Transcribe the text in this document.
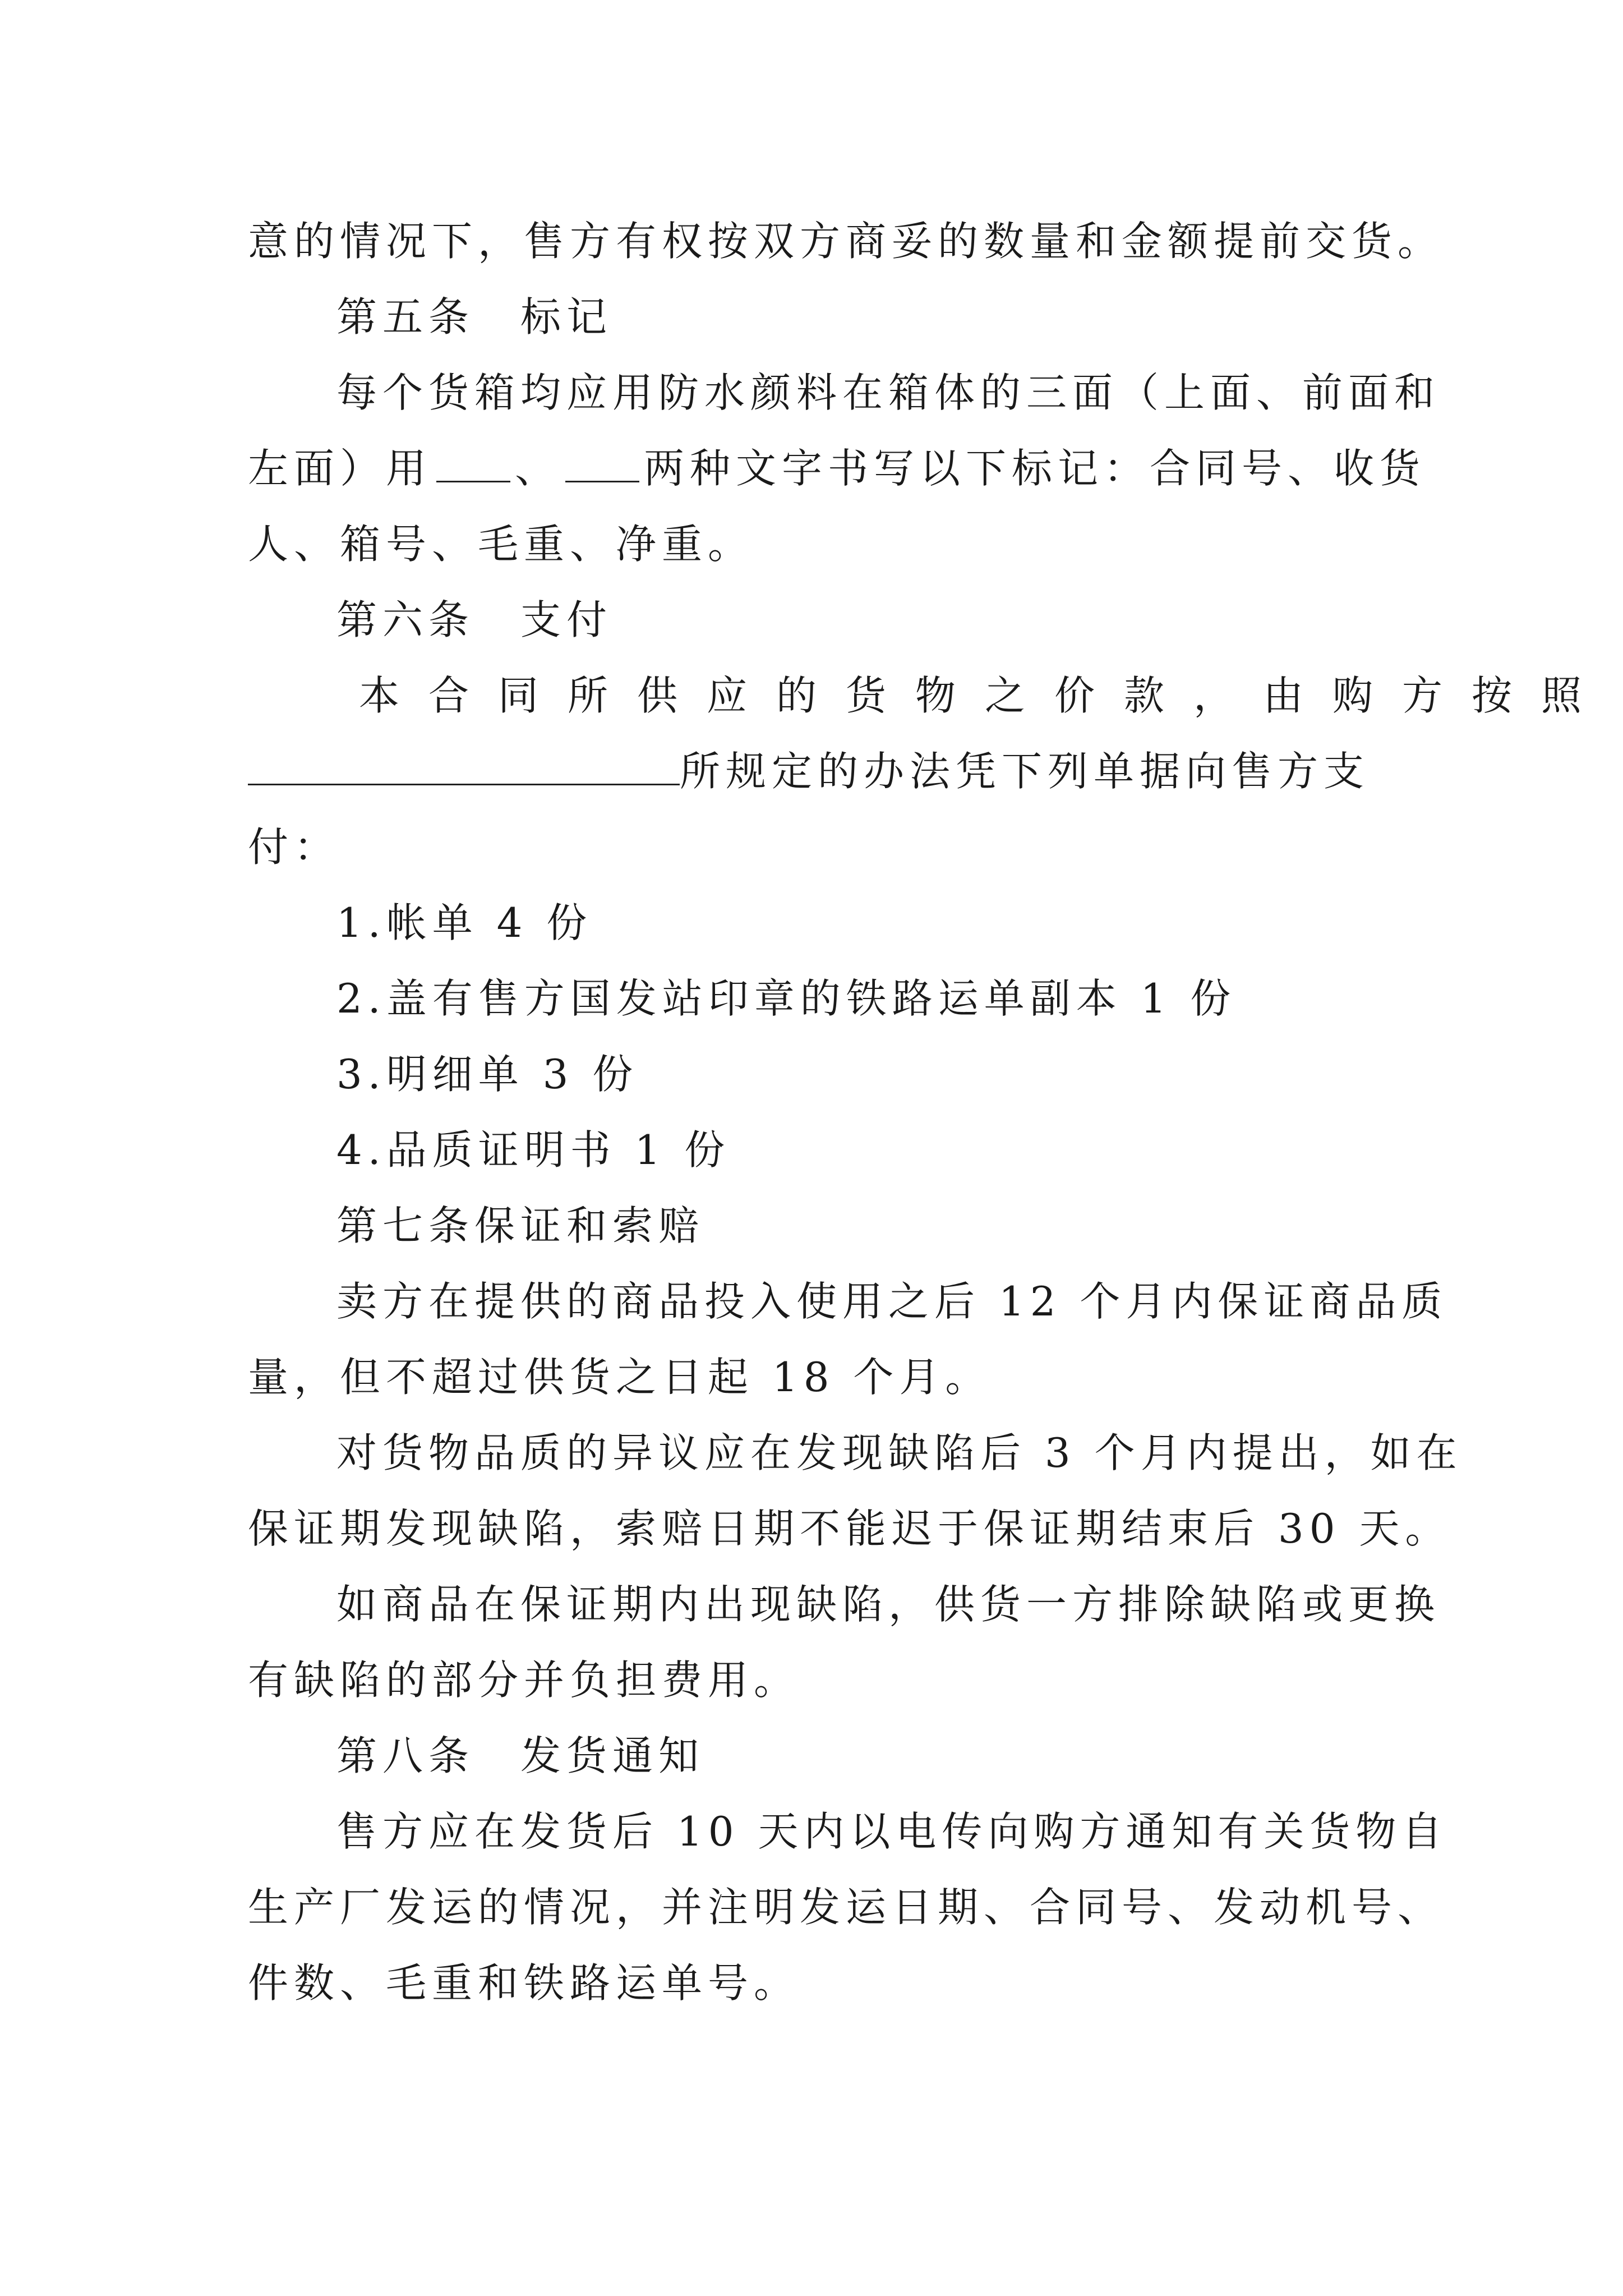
意的情况下，售方有权按双方商妥的数量和金额提前交货。
第五条　标记
每个货箱均应用防水颜料在箱体的三面（上面、前面和
左面）用 、 两种文字书写以下标记：合同号、收货
人、箱号、毛重、净重。
第六条　支付
本合同所供应的货物之价款，由购方按照
所规定的办法凭下列单据向售方支
付：
1.帐单 4 份
2.盖有售方国发站印章的铁路运单副本 1 份
3.明细单 3 份
4.品质证明书 1 份
第七条保证和索赔
卖方在提供的商品投入使用之后 12 个月内保证商品质
量，但不超过供货之日起 18 个月。
对货物品质的异议应在发现缺陷后 3 个月内提出，如在
保证期发现缺陷，索赔日期不能迟于保证期结束后 30 天。
如商品在保证期内出现缺陷，供货一方排除缺陷或更换
有缺陷的部分并负担费用。
第八条　发货通知
售方应在发货后 10 天内以电传向购方通知有关货物自
生产厂发运的情况，并注明发运日期、合同号、发动机号、
件数、毛重和铁路运单号。
